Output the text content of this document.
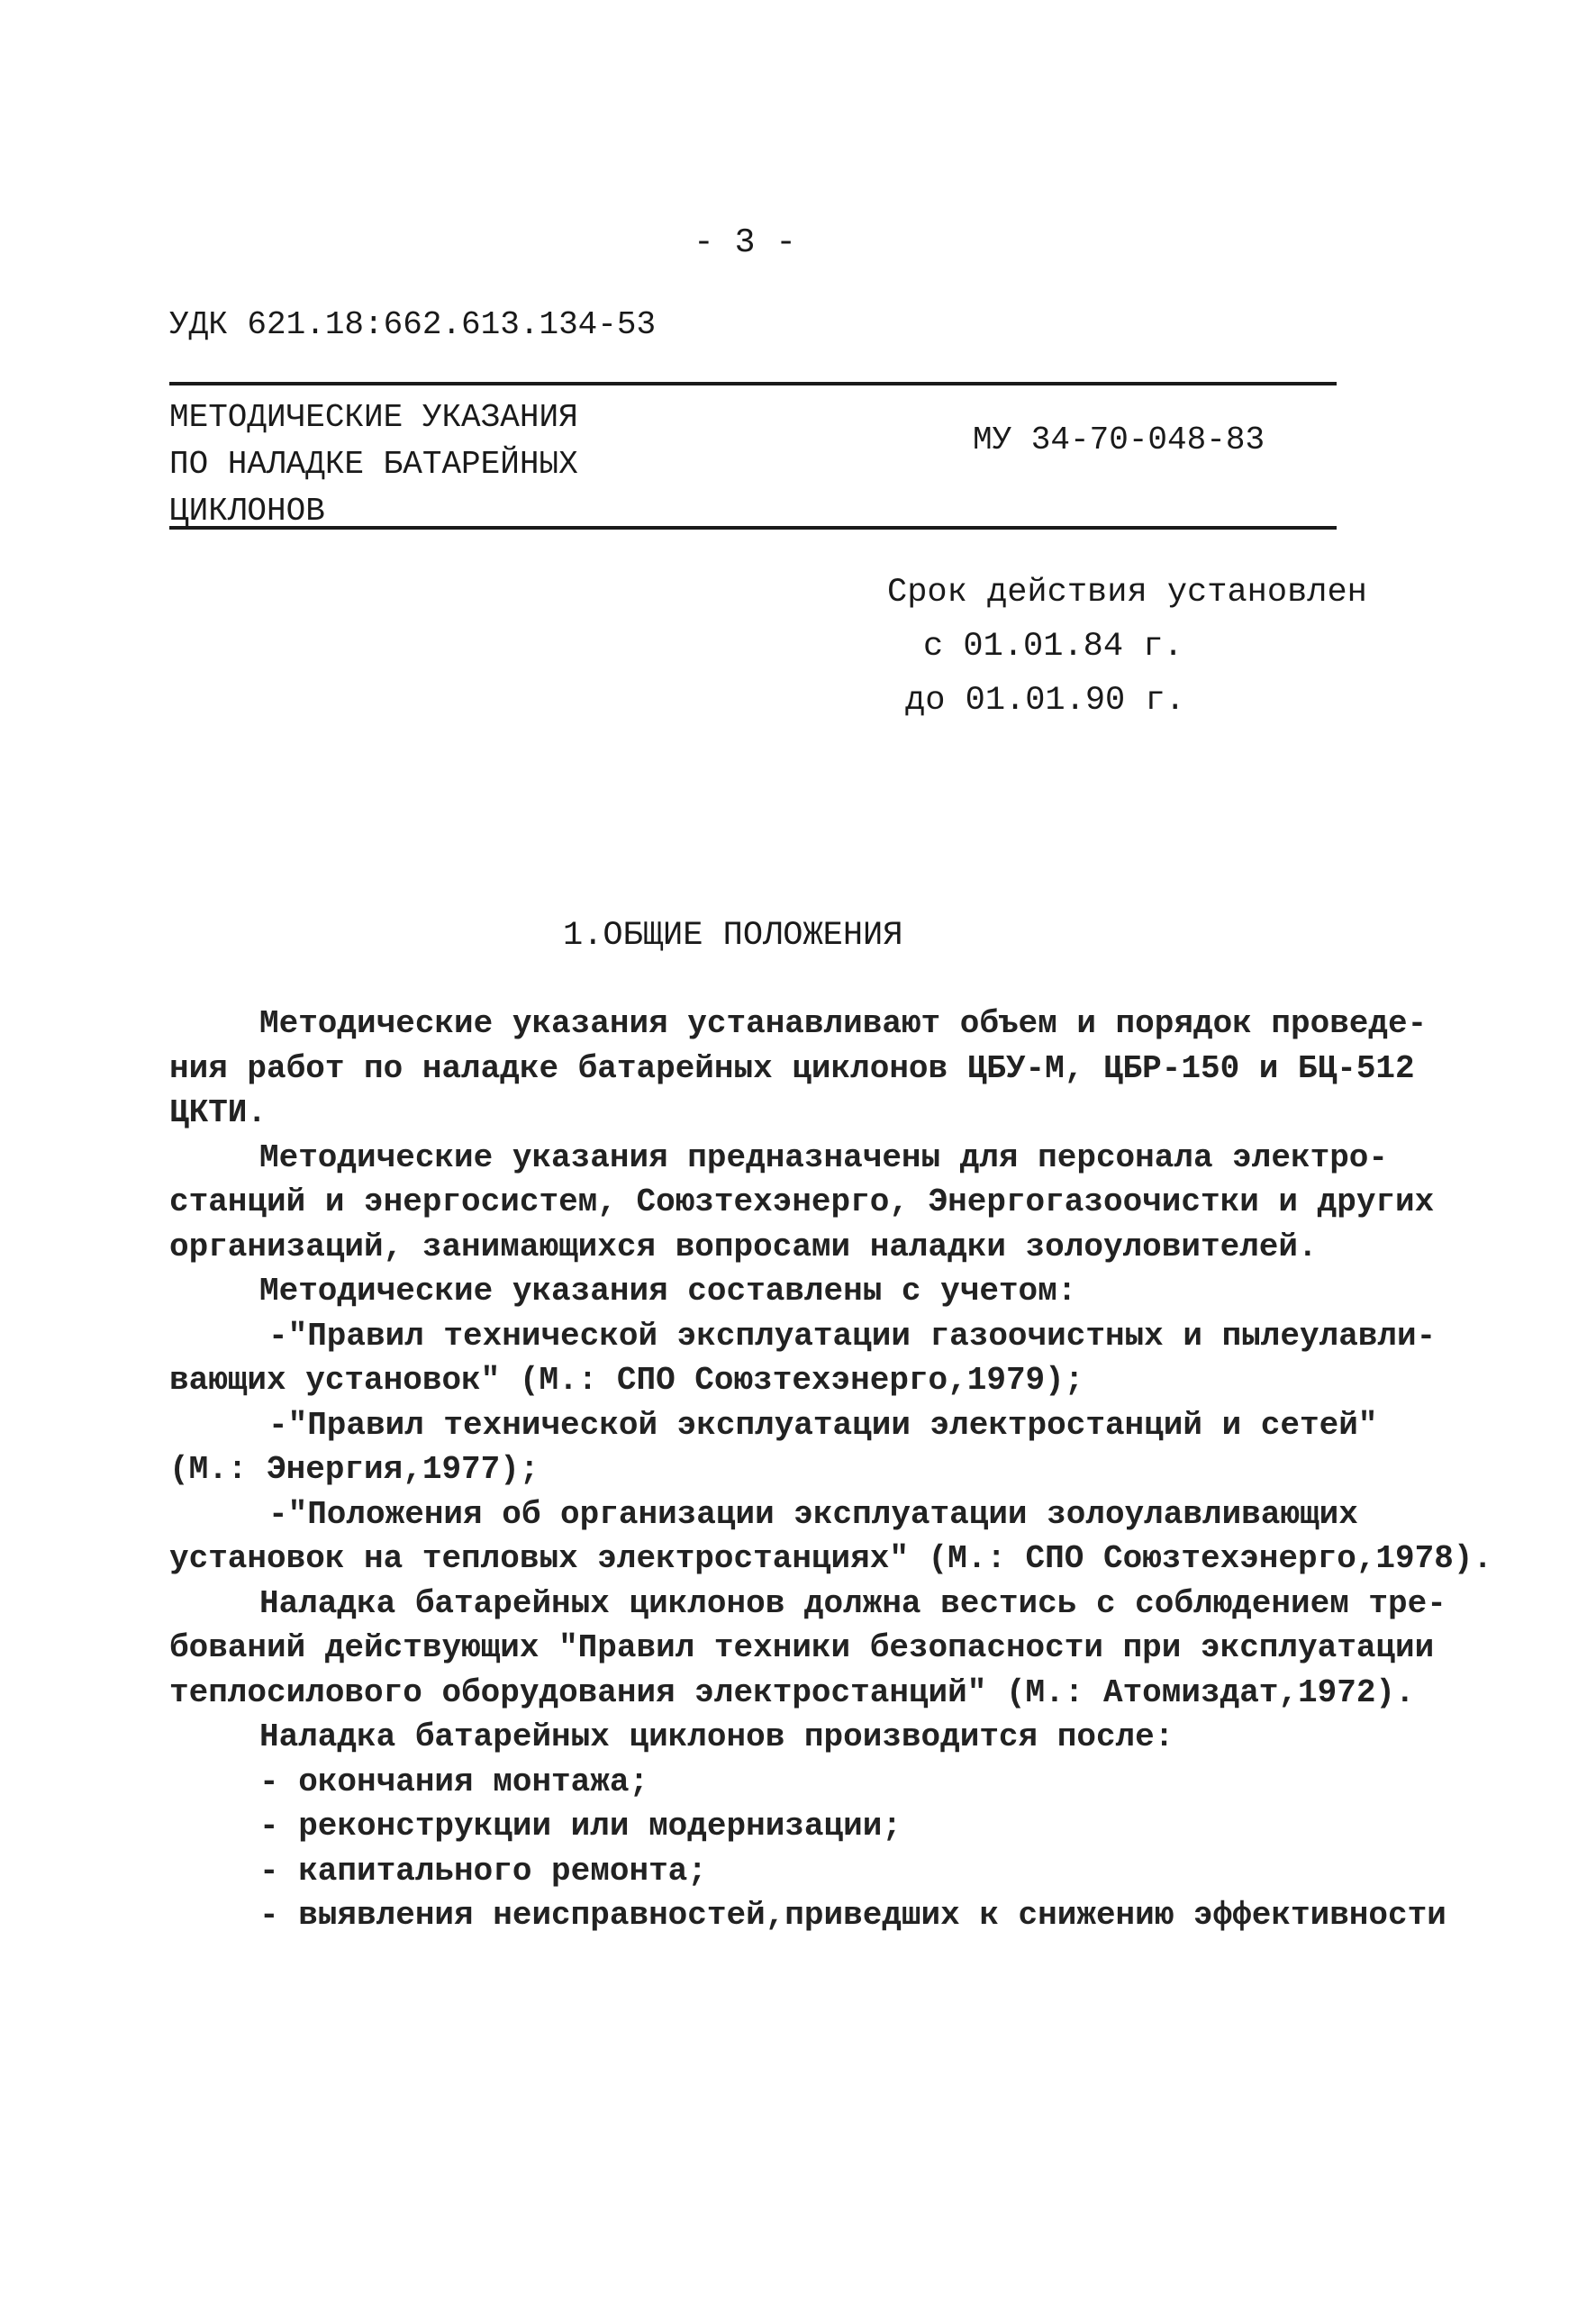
- 3 -
УДК 621.18:662.613.134-53
МЕТОДИЧЕСКИЕ УКАЗАНИЯ
ПО НАЛАДКЕ БАТАРЕЙНЫХ
ЦИКЛОНОВ
МУ 34-70-048-83
Срок действия установлен
с 01.01.84 г.
до 01.01.90 г.
1.ОБЩИЕ ПОЛОЖЕНИЯ
Методические указания устанавливают объем и порядок проведе-
ния работ по наладке батарейных циклонов ЦБУ-М, ЦБР-150 и БЦ-512
ЦКТИ.
Методические указания предназначены для персонала электро-
станций и энергосистем, Союзтехэнерго, Энергогазоочистки и других
организаций, занимающихся вопросами наладки золоуловителей.
Методические указания составлены с учетом:
-"Правил технической эксплуатации газоочистных и пылеулавли-
вающих установок" (М.: СПО Союзтехэнерго,1979);
-"Правил технической эксплуатации электростанций и сетей"
(М.: Энергия,1977);
-"Положения об организации эксплуатации золоулавливающих
установок на тепловых электростанциях" (М.: СПО Союзтехэнерго,1978).
Наладка батарейных циклонов должна вестись с соблюдением тре-
бований действующих "Правил техники безопасности при эксплуатации
теплосилового оборудования электростанций" (М.: Атомиздат,1972).
Наладка батарейных циклонов производится после:
- окончания монтажа;
- реконструкции или модернизации;
- капитального ремонта;
- выявления неисправностей,приведших к снижению эффективности
